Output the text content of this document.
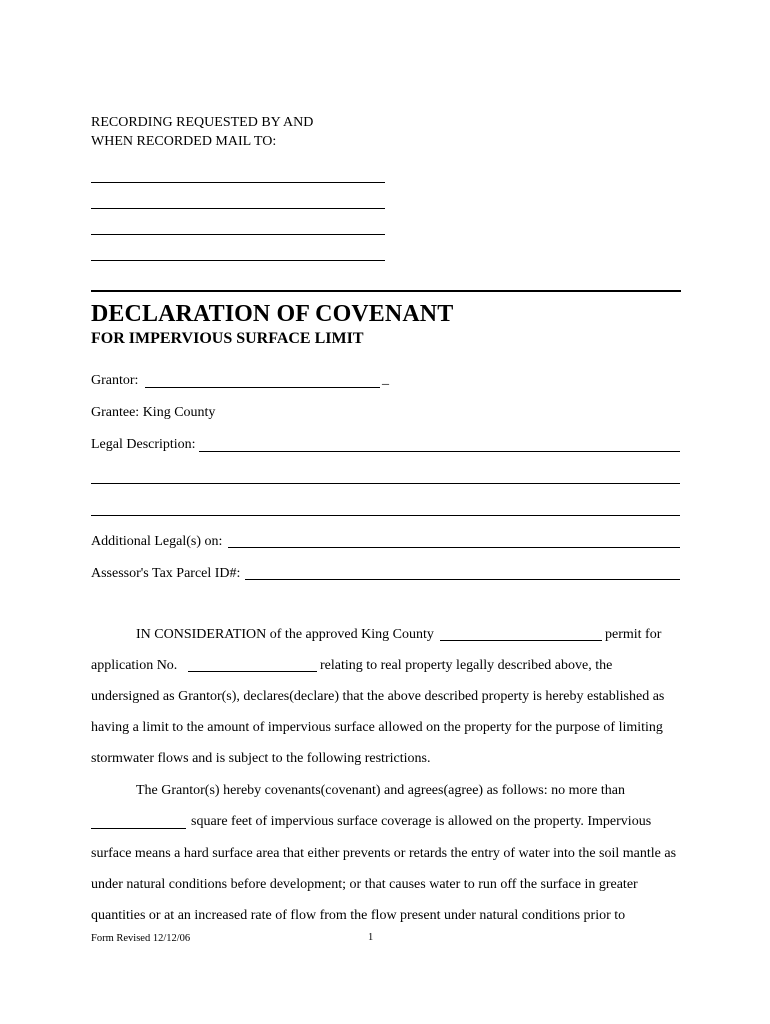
RECORDING REQUESTED BY AND
WHEN RECORDED MAIL TO:
DECLARATION OF COVENANT
FOR IMPERVIOUS SURFACE LIMIT
Grantor:	_
Grantee: King County
Legal Description:
Additional Legal(s) on:
Assessor's Tax Parcel ID#:
IN CONSIDERATION of the approved King County	permit for
application No.	relating to real property legally described above, the
undersigned as Grantor(s), declares(declare) that the above described property is hereby established as
having a limit to the amount of impervious surface allowed on the property for the purpose of limiting
stormwater flows and is subject to the following restrictions.
The Grantor(s) hereby covenants(covenant) and agrees(agree) as follows: no more than
square feet of impervious surface coverage is allowed on the property. Impervious
surface means a hard surface area that either prevents or retards the entry of water into the soil mantle as
under natural conditions before development; or that causes water to run off the surface in greater
quantities or at an increased rate of flow from the flow present under natural conditions prior to
Form Revised 12/12/06	1
